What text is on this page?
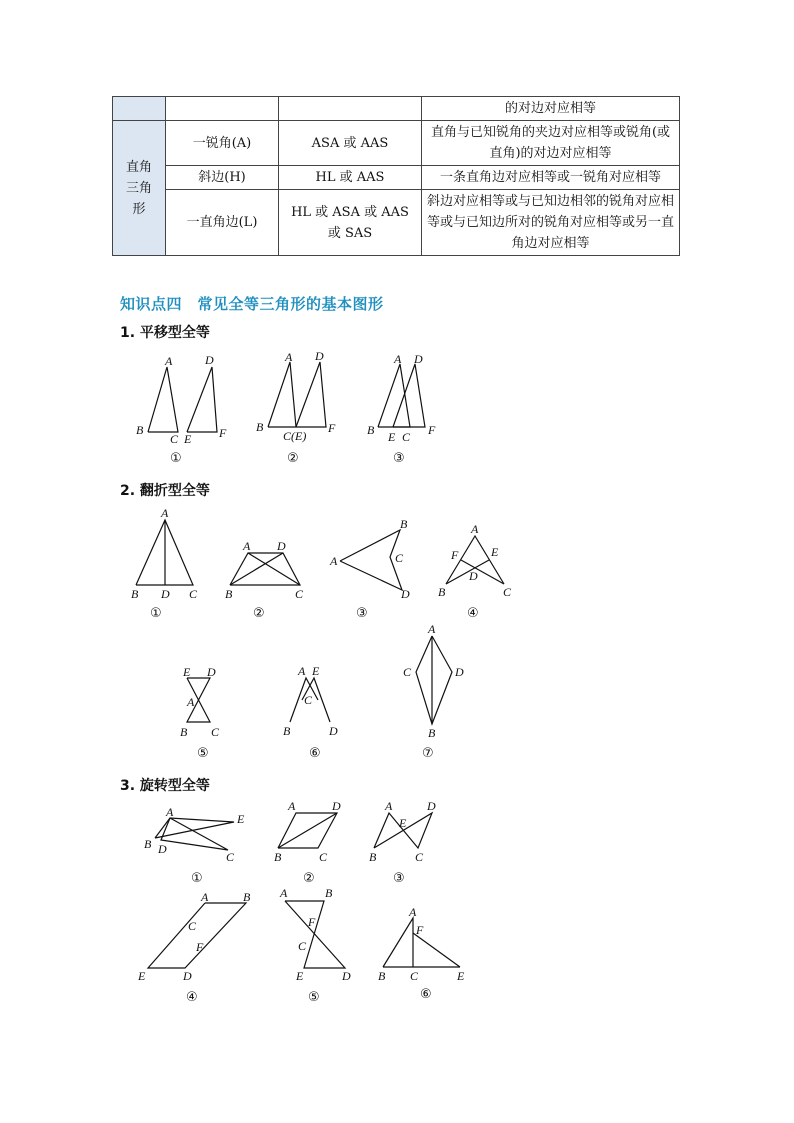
			的对边对应相等
直角
三角
形	一锐角(A)	ASA 或 AAS	直角与已知锐角的夹边对应相等或锐角(或直角)的对边对应相等
	斜边(H)	HL 或 AAS	一条直角边对应相等或一锐角对应相等
	一直角边(L)	HL 或 ASA 或 AAS 或 SAS	斜边对应相等或与已知边相邻的锐角对应相等或与已知边所对的锐角对应相等或另一直角边对应相等
知识点四　常见全等三角形的基本图形
1. 平移型全等
2. 翻折型全等
3. 旋转型全等
A	D
B
C E F
①
A D
B
C(E)
F
②
A D
B E C F
③
A
B D C
①
A D
B	C
②
B
A	C
D
③
A
F	E
D
B	C
④
E D
A
B C
⑤
A E
C
B	D
⑥
A
C	D
B
⑦
A	E
B D
C
①
A	D
B	C
②
A	D
E
B	C
③
A	B
C
F
E	D
④
A	B
F
C
E	D
⑤
A
F
B C	E
⑥
